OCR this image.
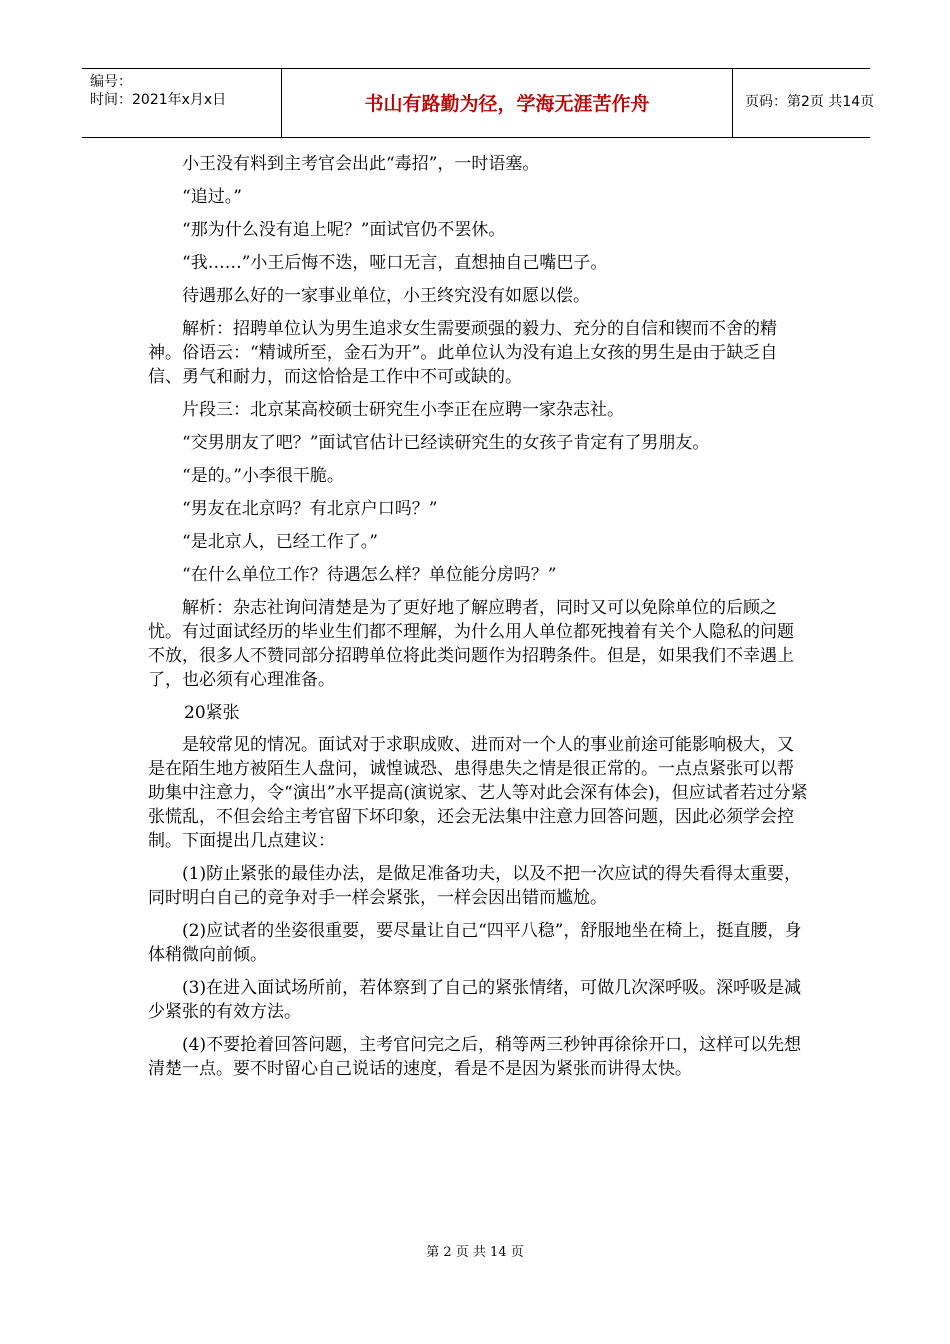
编号：
时间：2021年x月x日	书山有路勤为径，学海无涯苦作舟	页码：第2页 共14页

小王没有料到主考官会出此“毒招”，一时语塞。

“追过。”

“那为什么没有追上呢？”面试官仍不罢休。

“我……”小王后悔不迭，哑口无言，直想抽自己嘴巴子。

待遇那么好的一家事业单位，小王终究没有如愿以偿。

解析：招聘单位认为男生追求女生需要顽强的毅力、充分的自信和锲而不舍的精神。俗语云：“精诚所至，金石为开”。此单位认为没有追上女孩的男生是由于缺乏自信、勇气和耐力，而这恰恰是工作中不可或缺的。

片段三：北京某高校硕士研究生小李正在应聘一家杂志社。

“交男朋友了吧？”面试官估计已经读研究生的女孩子肯定有了男朋友。

“是的。”小李很干脆。

“男友在北京吗？有北京户口吗？”

“是北京人，已经工作了。”

“在什么单位工作？待遇怎么样？单位能分房吗？”

解析：杂志社询问清楚是为了更好地了解应聘者，同时又可以免除单位的后顾之忧。有过面试经历的毕业生们都不理解，为什么用人单位都死拽着有关个人隐私的问题不放，很多人不赞同部分招聘单位将此类问题作为招聘条件。但是，如果我们不幸遇上了，也必须有心理准备。

20紧张

是较常见的情况。面试对于求职成败、进而对一个人的事业前途可能影响极大，又是在陌生地方被陌生人盘问，诚惶诚恐、患得患失之情是很正常的。一点点紧张可以帮助集中注意力，令“演出”水平提高(演说家、艺人等对此会深有体会)，但应试者若过分紧张慌乱，不但会给主考官留下坏印象，还会无法集中注意力回答问题，因此必须学会控制。下面提出几点建议：

(1)防止紧张的最佳办法，是做足准备功夫，以及不把一次应试的得失看得太重要，同时明白自己的竞争对手一样会紧张，一样会因出错而尴尬。

(2)应试者的坐姿很重要，要尽量让自己“四平八稳”，舒服地坐在椅上，挺直腰，身体稍微向前倾。

(3)在进入面试场所前，若体察到了自己的紧张情绪，可做几次深呼吸。深呼吸是减少紧张的有效方法。

(4)不要抢着回答问题，主考官问完之后，稍等两三秒钟再徐徐开口，这样可以先想清楚一点。要不时留心自己说话的速度，看是不是因为紧张而讲得太快。

第 2 页 共 14 页
